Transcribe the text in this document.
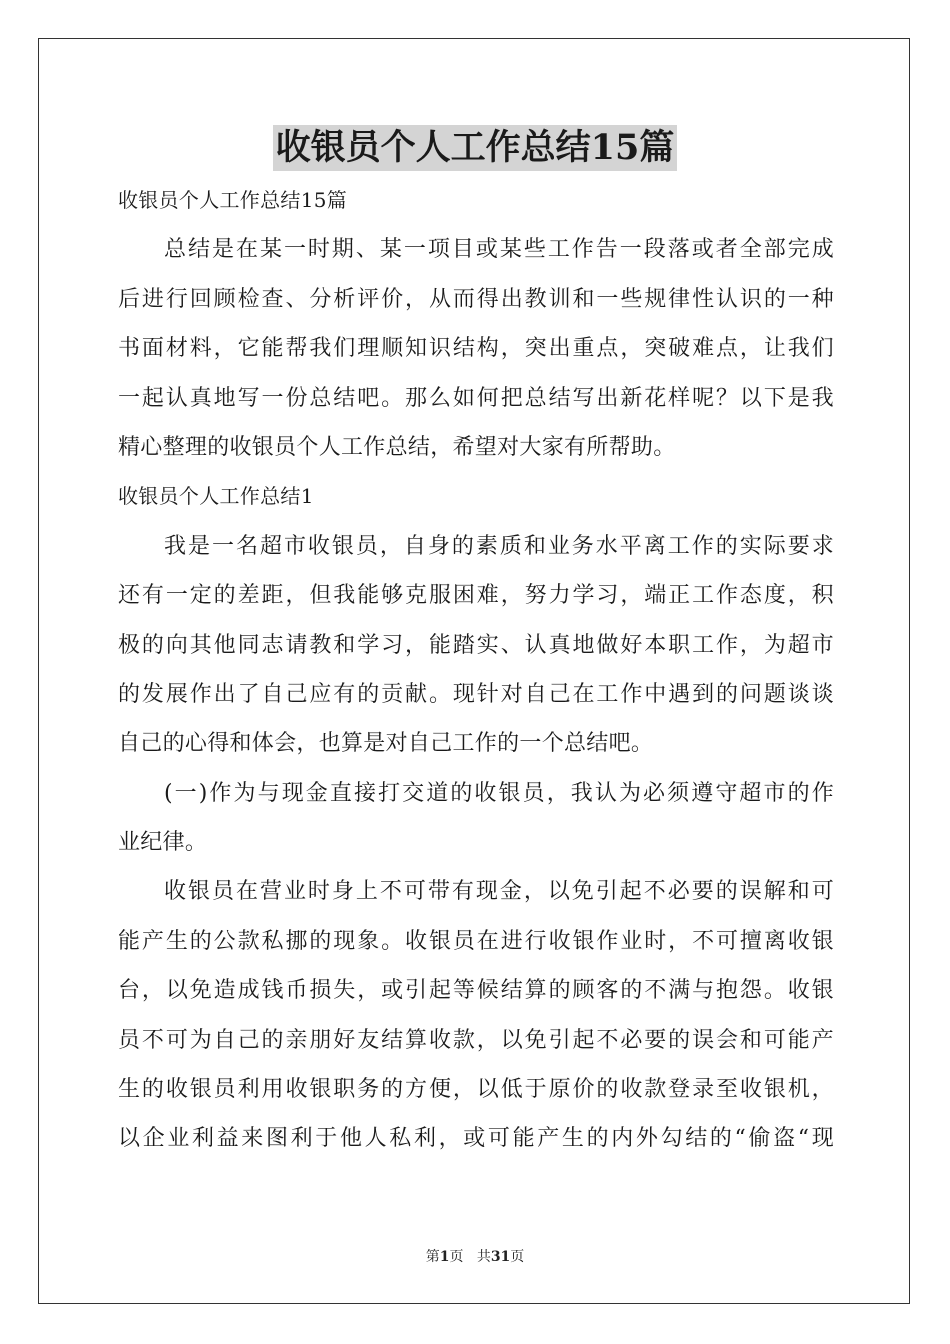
收银员个人工作总结15篇
收银员个人工作总结15篇
总结是在某一时期、某一项目或某些工作告一段落或者全部完成
后进行回顾检查、分析评价，从而得出教训和一些规律性认识的一种
书面材料，它能帮我们理顺知识结构，突出重点，突破难点，让我们
一起认真地写一份总结吧。那么如何把总结写出新花样呢？以下是我
精心整理的收银员个人工作总结，希望对大家有所帮助。
收银员个人工作总结1
我是一名超市收银员，自身的素质和业务水平离工作的实际要求
还有一定的差距，但我能够克服困难，努力学习，端正工作态度，积
极的向其他同志请教和学习，能踏实、认真地做好本职工作，为超市
的发展作出了自己应有的贡献。现针对自己在工作中遇到的问题谈谈
自己的心得和体会，也算是对自己工作的一个总结吧。
(一)作为与现金直接打交道的收银员，我认为必须遵守超市的作
业纪律。
收银员在营业时身上不可带有现金，以免引起不必要的误解和可
能产生的公款私挪的现象。收银员在进行收银作业时，不可擅离收银
台，以免造成钱币损失，或引起等候结算的顾客的不满与抱怨。收银
员不可为自己的亲朋好友结算收款，以免引起不必要的误会和可能产
生的收银员利用收银职务的方便，以低于原价的收款登录至收银机，
以企业利益来图利于他人私利，或可能产生的内外勾结的“偷盗“现
第1页 共31页
